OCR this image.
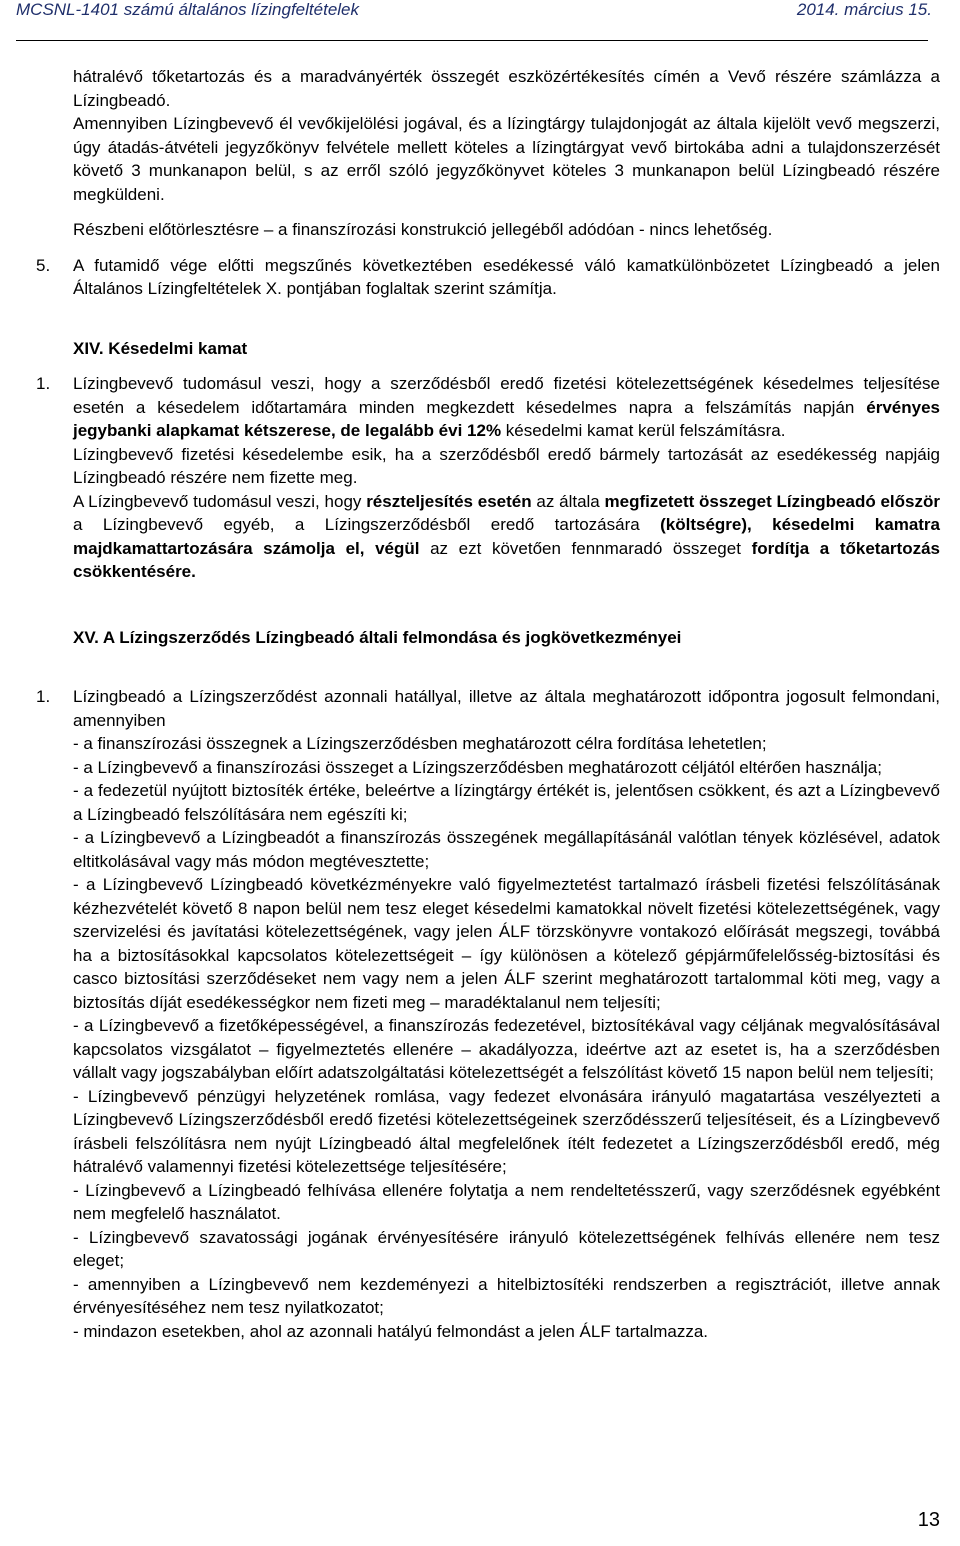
MCSNL-1401 számú általános lízingfeltételek	2014. március 15.

hátralévő tőketartozás és a maradványérték összegét eszközértékesítés címén a Vevő részére számlázza a Lízingbeadó.

Amennyiben Lízingbevevő él vevőkijelölési jogával, és a lízingtárgy tulajdonjogát az általa kijelölt vevő megszerzi, úgy átadás-átvételi jegyzőkönyv felvétele mellett köteles a lízingtárgyat vevő birtokába adni a tulajdonszerzését követő 3 munkanapon belül, s az erről szóló jegyzőkönyvet köteles 3 munkanapon belül Lízingbeadó részére megküldeni.

Részbeni előtörlesztésre – a finanszírozási konstrukció jellegéből adódóan - nincs lehetőség.

5. A futamidő vége előtti megszűnés következtében esedékessé váló kamatkülönbözetet Lízingbeadó a jelen Általános Lízingfeltételek X. pontjában foglaltak szerint számítja.

XIV. Késedelmi kamat

1. Lízingbevevő tudomásul veszi, hogy a szerződésből eredő fizetési kötelezettségének késedelmes teljesítése esetén a késedelem időtartamára minden megkezdett késedelmes napra a felszámítás napján érvényes jegybanki alapkamat kétszerese, de legalább évi 12% késedelmi kamat kerül felszámításra.

Lízingbevevő fizetési késedelembe esik, ha a szerződésből eredő bármely tartozását az esedékesség napjáig Lízingbeadó részére nem fizette meg.

A Lízingbevevő tudomásul veszi, hogy részteljesítés esetén az általa megfizetett összeget Lízingbeadó először a Lízingbevevő egyéb, a Lízingszerződésből eredő tartozására (költségre), késedelmi kamatra majdkamattartozására számolja el, végül az ezt követően fennmaradó összeget fordítja a tőketartozás csökkentésére.

XV. A Lízingszerződés Lízingbeadó általi felmondása és jogkövetkezményei

1. Lízingbeadó a Lízingszerződést azonnali hatállyal, illetve az általa meghatározott időpontra jogosult felmondani, amennyiben

- a finanszírozási összegnek a Lízingszerződésben meghatározott célra fordítása lehetetlen;

- a Lízingbevevő a finanszírozási összeget a Lízingszerződésben meghatározott céljától eltérően használja;

- a fedezetül nyújtott biztosíték értéke, beleértve a lízingtárgy értékét is, jelentősen csökkent, és azt a Lízingbevevő a Lízingbeadó felszólítására nem egészíti ki;

- a Lízingbevevő a Lízingbeadót a finanszírozás összegének megállapításánál valótlan tények közlésével, adatok eltitkolásával vagy más módon megtévesztette;

- a Lízingbevevő Lízingbeadó követkézményekre való figyelmeztetést tartalmazó írásbeli fizetési felszólításának kézhezvételét követő 8 napon belül nem tesz eleget késedelmi kamatokkal növelt fizetési kötelezettségének, vagy szervizelési és javítatási kötelezettségének, vagy jelen ÁLF törzskönyvre vontakozó előírását megszegi, továbbá ha a biztosításokkal kapcsolatos kötelezettségeit – így különösen a kötelező gépjárműfelelősség-biztosítási és casco biztosítási szerződéseket nem vagy nem a jelen ÁLF szerint meghatározott tartalommal köti meg, vagy a biztosítás díját esedékességkor nem fizeti meg – maradéktalanul nem teljesíti;

- a Lízingbevevő a fizetőképességével, a finanszírozás fedezetével, biztosítékával vagy céljának megvalósításával kapcsolatos vizsgálatot – figyelmeztetés ellenére – akadályozza, ideértve azt az esetet is, ha a szerződésben vállalt vagy jogszabályban előírt adatszolgáltatási kötelezettségét a felszólítást követő 15 napon belül nem teljesíti;

- Lízingbevevő pénzügyi helyzetének romlása, vagy fedezet elvonására irányuló magatartása veszélyezteti a Lízingbevevő Lízingszerződésből eredő fizetési kötelezettségeinek szerződésszerű teljesítéseit, és a Lízingbevevő írásbeli felszólításra nem nyújt Lízingbeadó által megfelelőnek ítélt fedezetet a Lízingszerződésből eredő, még hátralévő valamennyi fizetési kötelezettsége teljesítésére;

- Lízingbevevő a Lízingbeadó felhívása ellenére folytatja a nem rendeltetésszerű, vagy szerződésnek egyébként nem megfelelő használatot.

- Lízingbevevő szavatossági jogának érvényesítésére irányuló kötelezettségének felhívás ellenére nem tesz eleget;

- amennyiben a Lízingbevevő nem kezdeményezi a hitelbiztosítéki rendszerben a regisztrációt, illetve annak érvényesítéséhez nem tesz nyilatkozatot;

- mindazon esetekben, ahol az azonnali hatályú felmondást a jelen ÁLF tartalmazza.

13
